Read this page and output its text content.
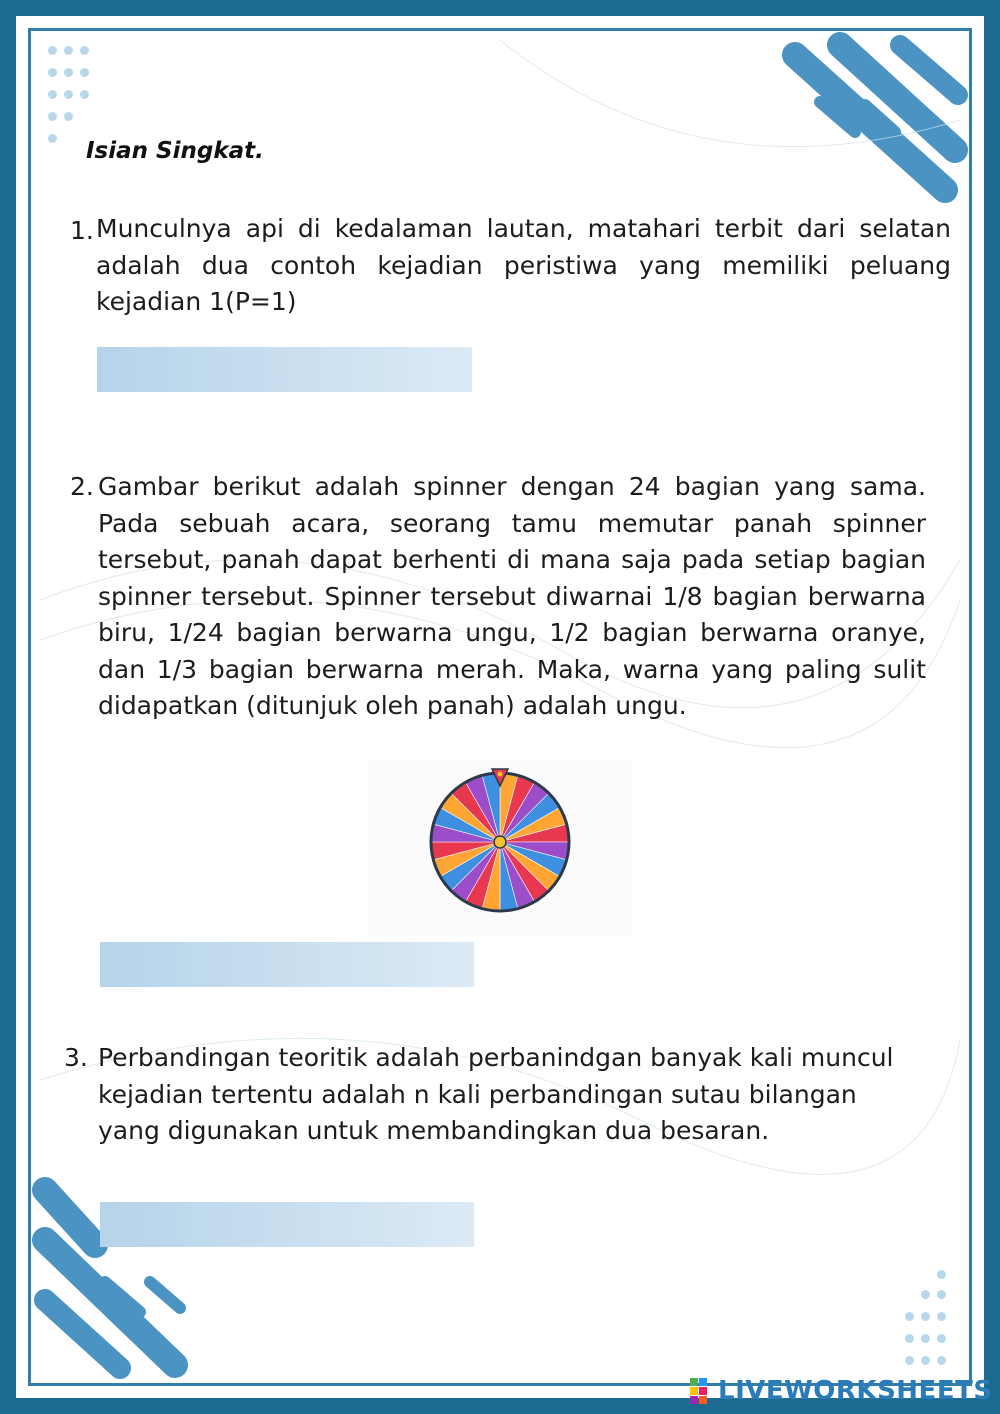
Isian Singkat.
1. Munculnya api di kedalaman lautan, matahari terbit dari selatan adalah dua contoh kejadian peristiwa yang memiliki peluang kejadian 1(P=1)
2. Gambar berikut adalah spinner dengan 24 bagian yang sama. Pada sebuah acara, seorang tamu memutar panah spinner tersebut, panah dapat berhenti di mana saja pada setiap bagian spinner tersebut. Spinner tersebut diwarnai 1/8 bagian berwarna biru, 1/24 bagian berwarna ungu, 1/2 bagian berwarna oranye, dan 1/3 bagian berwarna merah. Maka, warna yang paling sulit didapatkan (ditunjuk oleh panah) adalah ungu.
3. Perbandingan teoritik adalah perbanindgan banyak kali muncul kejadian tertentu adalah n kali perbandingan sutau bilangan yang digunakan untuk membandingkan dua besaran.
LIVEWORKSHEETS
